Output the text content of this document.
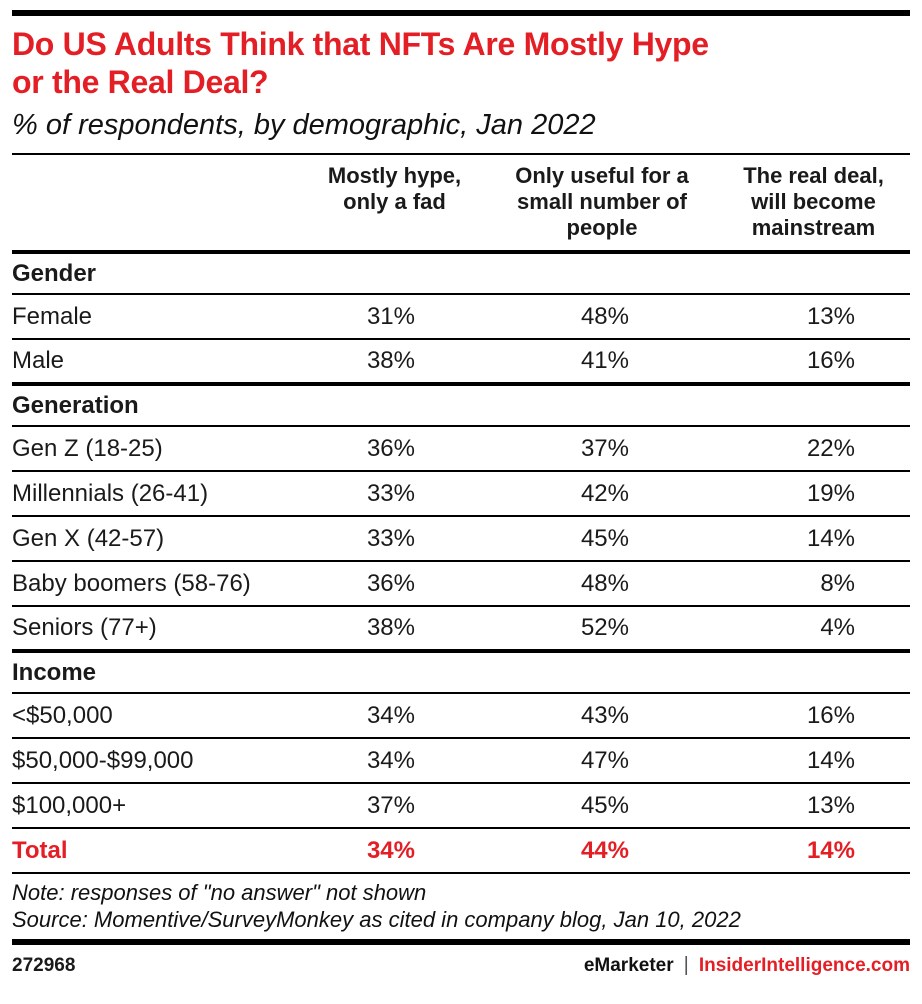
Do US Adults Think that NFTs Are Mostly Hype
or the Real Deal?
% of respondents, by demographic, Jan 2022

	Mostly hype,
only a fad	Only useful for a
small number of
people	The real deal,
will become
mainstream

Gender			
Female	31%	48%	13%
Male	38%	41%	16%
Generation			
Gen Z (18-25)	36%	37%	22%
Millennials (26-41)	33%	42%	19%
Gen X (42-57)	33%	45%	14%
Baby boomers (58-76)	36%	48%	8%
Seniors (77+)	38%	52%	4%
Income			
<$50,000	34%	43%	16%
$50,000-$99,000	34%	47%	14%
$100,000+	37%	45%	13%
Total	34%	44%	14%
Note: responses of "no answer" not shown
Source: Momentive/SurveyMonkey as cited in company blog, Jan 10, 2022
272968	eMarketer | InsiderIntelligence.com
